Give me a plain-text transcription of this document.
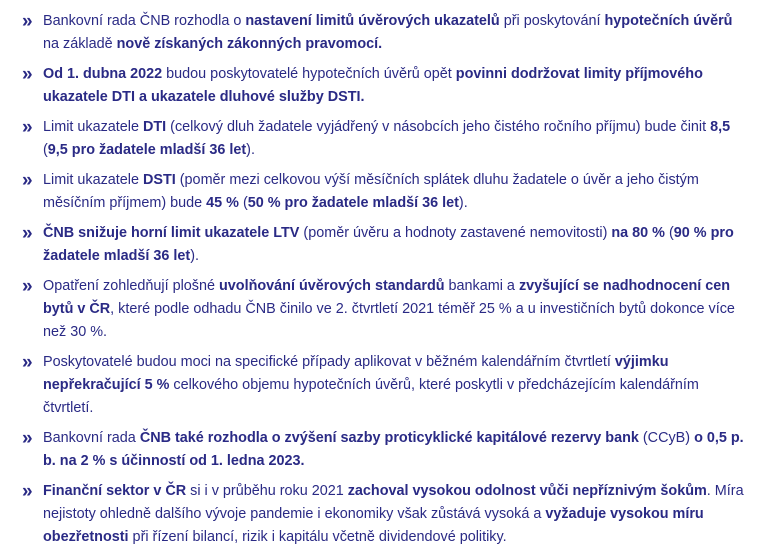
» Bankovní rada ČNB rozhodla o nastavení limitů úvěrových ukazatelů při poskytování hypotečních úvěrů na základě nově získaných zákonných pravomocí.
» Od 1. dubna 2022 budou poskytovatelé hypotečních úvěrů opět povinni dodržovat limity příjmového ukazatele DTI a ukazatele dluhové služby DSTI.
» Limit ukazatele DTI (celkový dluh žadatele vyjádřený v násobcích jeho čistého ročního příjmu) bude činit 8,5 (9,5 pro žadatele mladší 36 let).
» Limit ukazatele DSTI (poměr mezi celkovou výší měsíčních splátek dluhu žadatele o úvěr a jeho čistým měsíčním příjmem) bude 45 % (50 % pro žadatele mladší 36 let).
» ČNB snižuje horní limit ukazatele LTV (poměr úvěru a hodnoty zastavené nemovitosti) na 80 % (90 % pro žadatele mladší 36 let).
» Opatření zohledňují plošné uvolňování úvěrových standardů bankami a zvyšující se nadhodnocení cen bytů v ČR, které podle odhadu ČNB činilo ve 2. čtvrtletí 2021 téměř 25 % a u investičních bytů dokonce více než 30 %.
» Poskytovatelé budou moci na specifické případy aplikovat v běžném kalendářním čtvrtletí výjimku nepřekračující 5 % celkového objemu hypotečních úvěrů, které poskytli v předcházejícím kalendářním čtvrtletí.
» Bankovní rada ČNB také rozhodla o zvýšení sazby proticyklické kapitálové rezervy bank (CCyB) o 0,5 p. b. na 2 % s účinností od 1. ledna 2023.
» Finanční sektor v ČR si i v průběhu roku 2021 zachoval vysokou odolnost vůči nepříznivým šokům. Míra nejistoty ohledně dalšího vývoje pandemie i ekonomiky však zůstává vysoká a vyžaduje vysokou míru obezřetnosti při řízení bilancí, rizik i kapitálu včetně dividendové politiky.
